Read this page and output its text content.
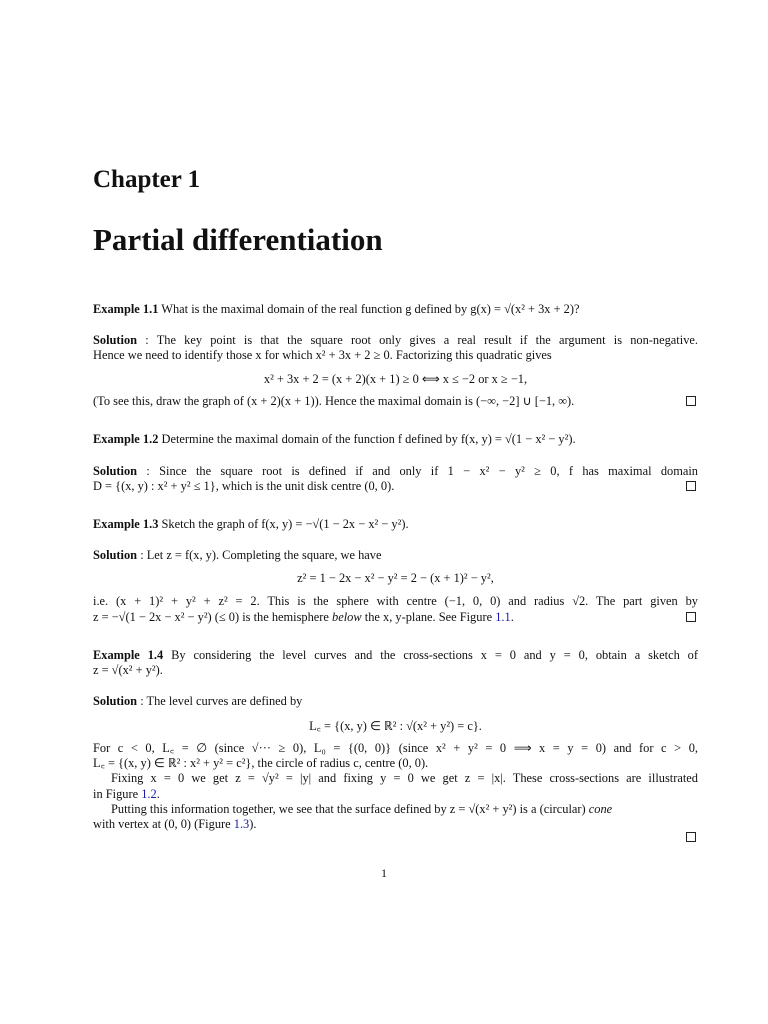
Chapter 1
Partial differentiation
Example 1.1 What is the maximal domain of the real function g defined by g(x) = √(x² + 3x + 2)?
Solution : The key point is that the square root only gives a real result if the argument is non-negative.
Hence we need to identify those x for which x² + 3x + 2 ≥ 0. Factorizing this quadratic gives
x² + 3x + 2 = (x + 2)(x + 1) ≥ 0 ⟺ x ≤ −2 or x ≥ −1,
(To see this, draw the graph of (x + 2)(x + 1)). Hence the maximal domain is (−∞, −2] ∪ [−1, ∞).
Example 1.2 Determine the maximal domain of the function f defined by f(x, y) = √(1 − x² − y²).
Solution : Since the square root is defined if and only if 1 − x² − y² ≥ 0, f has maximal domain
D = {(x, y) : x² + y² ≤ 1}, which is the unit disk centre (0, 0).
Example 1.3 Sketch the graph of f(x, y) = −√(1 − 2x − x² − y²).
Solution : Let z = f(x, y). Completing the square, we have
z² = 1 − 2x − x² − y² = 2 − (x + 1)² − y²,
i.e. (x + 1)² + y² + z² = 2. This is the sphere with centre (−1, 0, 0) and radius √2. The part given by
z = −√(1 − 2x − x² − y²) (≤ 0) is the hemisphere below the x, y-plane. See Figure 1.1.
Example 1.4 By considering the level curves and the cross-sections x = 0 and y = 0, obtain a sketch of
z = √(x² + y²).
Solution : The level curves are defined by
L꜀ = {(x, y) ∈ ℝ² : √(x² + y²) = c}.
For c < 0, L꜀ = ∅ (since √··· ≥ 0), L₀ = {(0, 0)} (since x² + y² = 0 ⟹ x = y = 0) and for c > 0,
L꜀ = {(x, y) ∈ ℝ² : x² + y² = c²}, the circle of radius c, centre (0, 0).
Fixing x = 0 we get z = √y² = |y| and fixing y = 0 we get z = |x|. These cross-sections are illustrated
in Figure 1.2.
Putting this information together, we see that the surface defined by z = √(x² + y²) is a (circular) cone
with vertex at (0, 0) (Figure 1.3).
1
